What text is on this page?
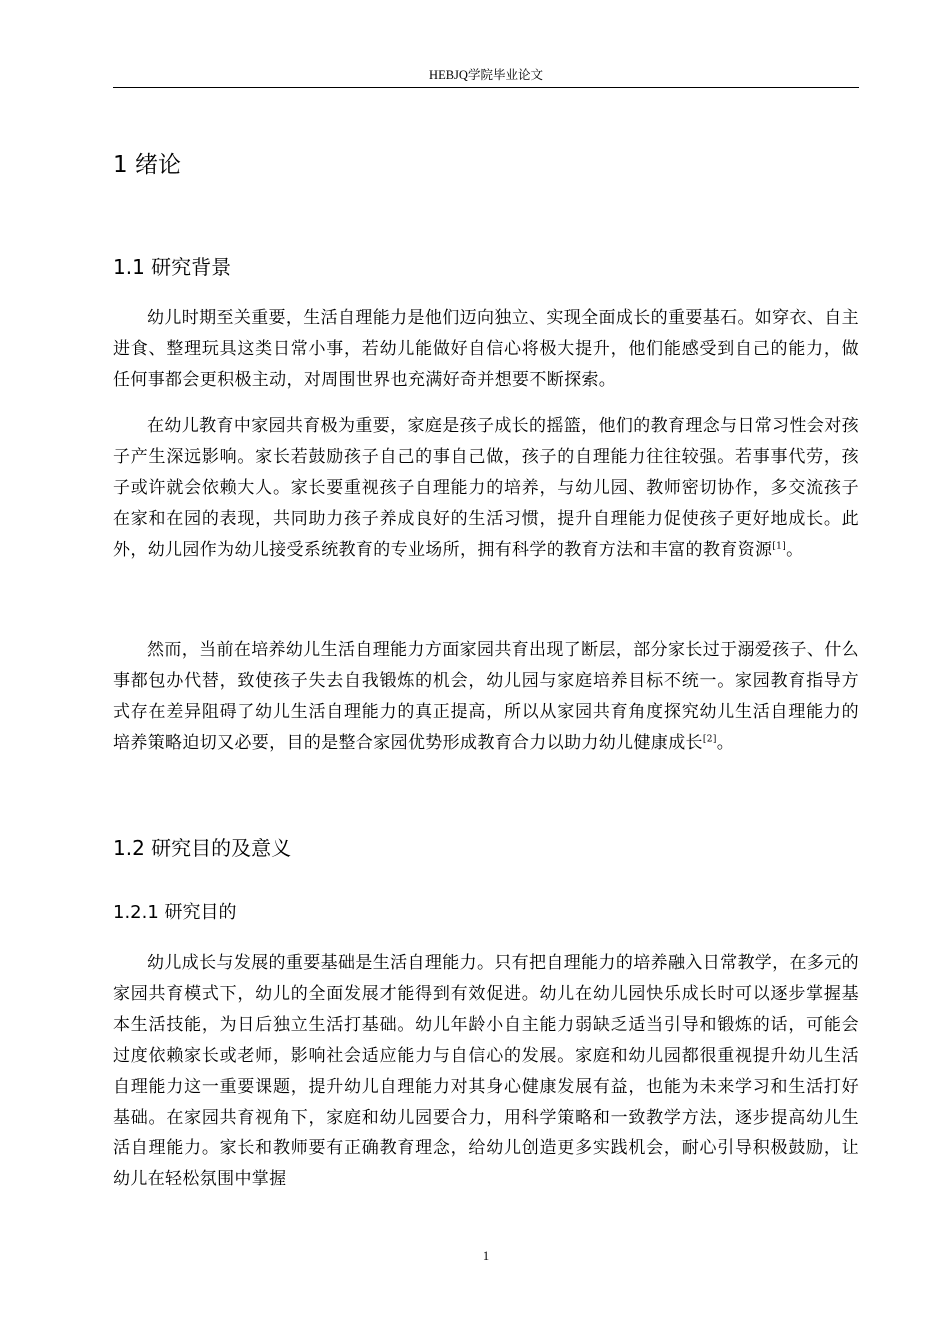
HEBJQ学院毕业论文
1 绪论
1.1 研究背景

幼儿时期至关重要，生活自理能力是他们迈向独立、实现全面成长的重要基石。如穿衣、自主进食、整理玩具这类日常小事，若幼儿能做好自信心将极大提升，他们能感受到自己的能力，做任何事都会更积极主动，对周围世界也充满好奇并想要不断探索。

在幼儿教育中家园共育极为重要，家庭是孩子成长的摇篮，他们的教育理念与日常习性会对孩子产生深远影响。家长若鼓励孩子自己的事自己做，孩子的自理能力往往较强。若事事代劳，孩子或许就会依赖大人。家长要重视孩子自理能力的培养，与幼儿园、教师密切协作，多交流孩子在家和在园的表现，共同助力孩子养成良好的生活习惯，提升自理能力促使孩子更好地成长。此外，幼儿园作为幼儿接受系统教育的专业场所，拥有科学的教育方法和丰富的教育资源[1]。

然而，当前在培养幼儿生活自理能力方面家园共育出现了断层，部分家长过于溺爱孩子、什么事都包办代替，致使孩子失去自我锻炼的机会，幼儿园与家庭培养目标不统一。家园教育指导方式存在差异阻碍了幼儿生活自理能力的真正提高，所以从家园共育角度探究幼儿生活自理能力的培养策略迫切又必要，目的是整合家园优势形成教育合力以助力幼儿健康成长[2]。

1.2 研究目的及意义
1.2.1 研究目的

幼儿成长与发展的重要基础是生活自理能力。只有把自理能力的培养融入日常教学，在多元的家园共育模式下，幼儿的全面发展才能得到有效促进。幼儿在幼儿园快乐成长时可以逐步掌握基本生活技能，为日后独立生活打基础。幼儿年龄小自主能力弱缺乏适当引导和锻炼的话，可能会过度依赖家长或老师，影响社会适应能力与自信心的发展。家庭和幼儿园都很重视提升幼儿生活自理能力这一重要课题，提升幼儿自理能力对其身心健康发展有益，也能为未来学习和生活打好基础。在家园共育视角下，家庭和幼儿园要合力，用科学策略和一致教学方法，逐步提高幼儿生活自理能力。家长和教师要有正确教育理念，给幼儿创造更多实践机会，耐心引导积极鼓励，让幼儿在轻松氛围中掌握

1
